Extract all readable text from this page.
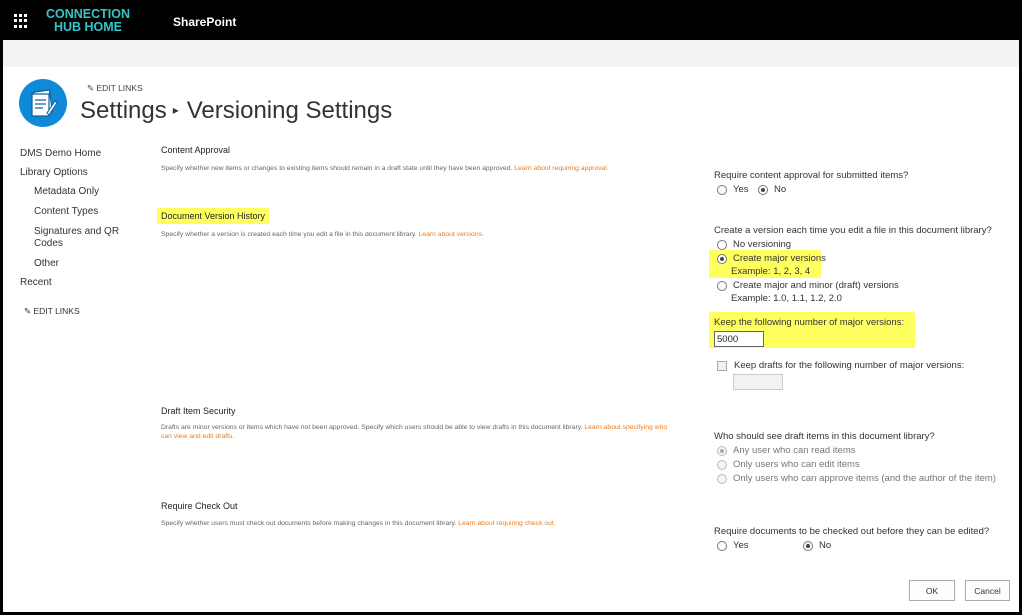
CONNECTION HUB HOME	SharePoint
✎ EDIT LINKS
Settings ▸ Versioning Settings
DMS Demo Home
Library Options
Metadata Only
Content Types
Signatures and QR Codes
Other
Recent
✎ EDIT LINKS
Content Approval
Specify whether new items or changes to existing items should remain in a draft state until they have been approved. Learn about requiring approval.
Require content approval for submitted items?
Yes	No
Document Version History
Specify whether a version is created each time you edit a file in this document library. Learn about versions.	Create a version each time you edit a file in this document library?
No versioning
Create major versions
Example: 1, 2, 3, 4
Create major and minor (draft) versions
Example: 1.0, 1.1, 1.2, 2.0
Keep the following number of major versions:
5000
Keep drafts for the following number of major versions:
Draft Item Security
Drafts are minor versions or items which have not been approved. Specify which users should be able to view drafts in this document library. Learn about specifying who can view and edit drafts.	Who should see draft items in this document library?
Any user who can read items
Only users who can edit items
Only users who can approve items (and the author of the item)
Require Check Out
Specify whether users must check out documents before making changes in this document library. Learn about requiring check out.
Require documents to be checked out before they can be edited?
Yes	No
OK	Cancel
